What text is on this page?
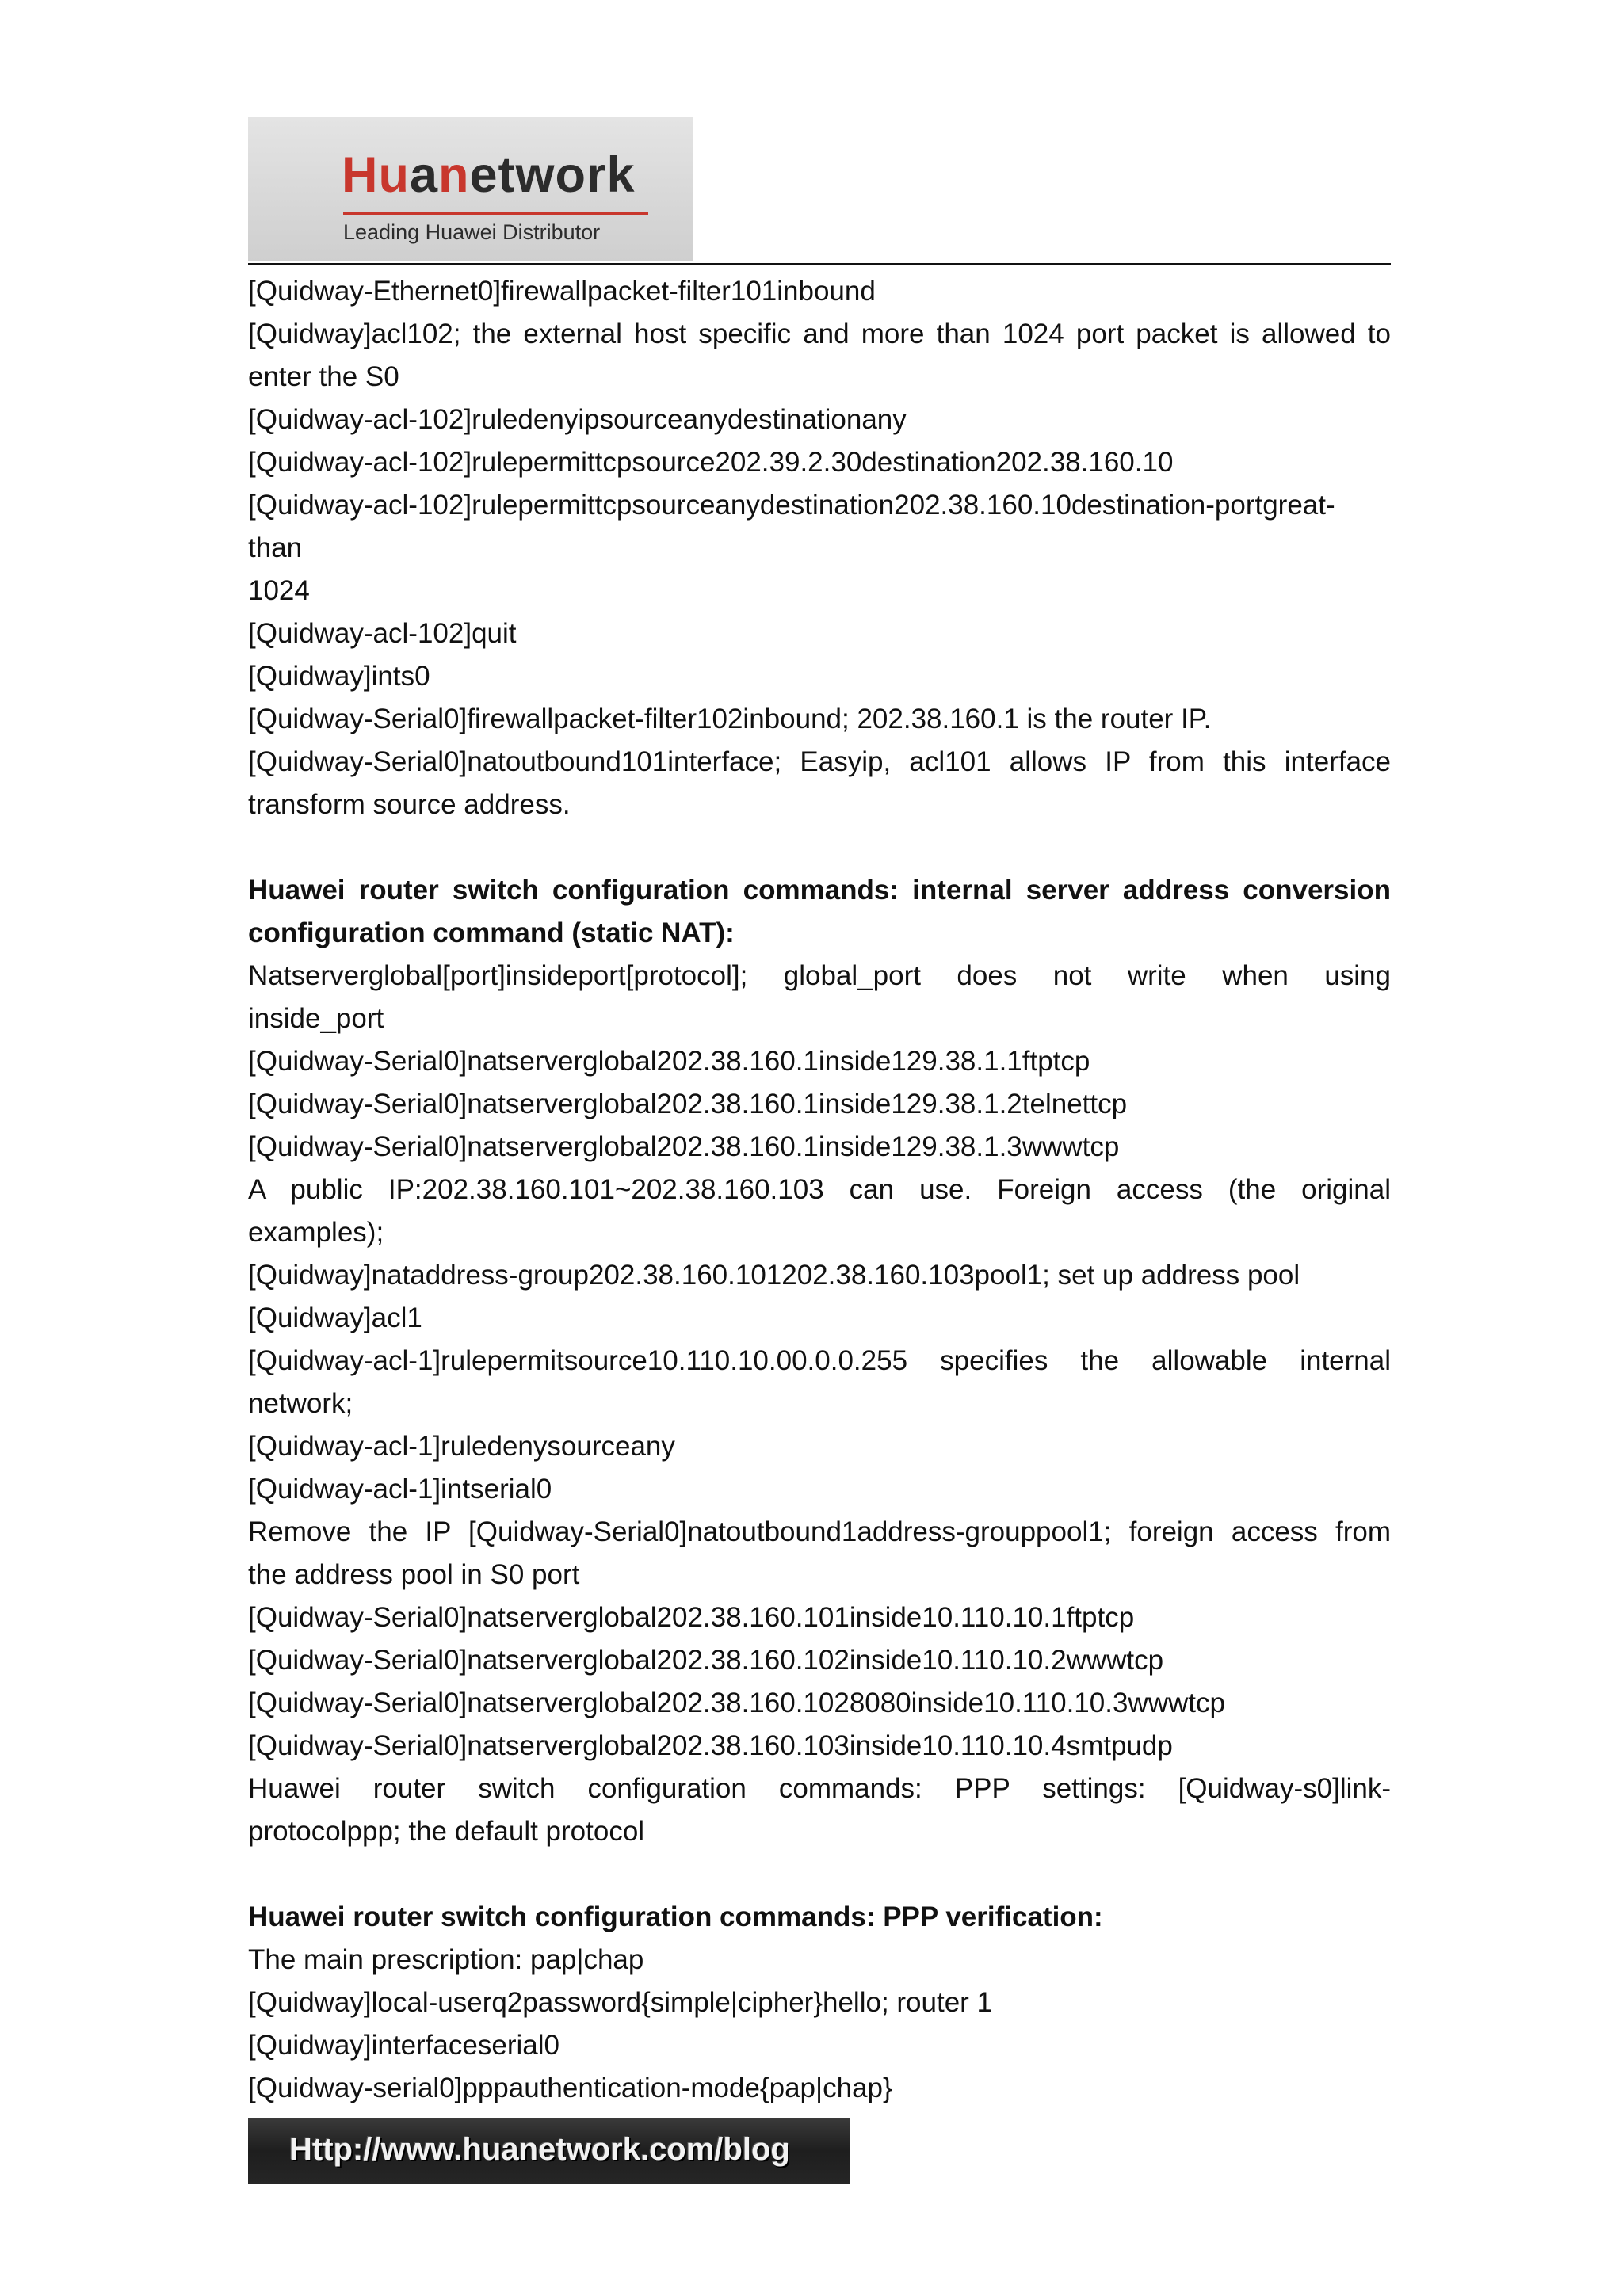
Huanetwork
Leading Huawei Distributor
[Quidway-Ethernet0]firewallpacket-filter101inbound
[Quidway]acl102; the external host specific and more than 1024 port packet is allowed to
enter the S0
[Quidway-acl-102]ruledenyipsourceanydestinationany
[Quidway-acl-102]rulepermittcpsource202.39.2.30destination202.38.160.10
[Quidway-acl-102]rulepermittcpsourceanydestination202.38.160.10destination-portgreat-
than
1024
[Quidway-acl-102]quit
[Quidway]ints0
[Quidway-Serial0]firewallpacket-filter102inbound; 202.38.160.1 is the router IP.
[Quidway-Serial0]natoutbound101interface; Easyip, acl101 allows IP from this interface
transform source address.
Huawei router switch configuration commands: internal server address conversion
configuration command (static NAT):
Natserverglobal[port]insideport[protocol]; global_port does not write when using
inside_port
[Quidway-Serial0]natserverglobal202.38.160.1inside129.38.1.1ftptcp
[Quidway-Serial0]natserverglobal202.38.160.1inside129.38.1.2telnettcp
[Quidway-Serial0]natserverglobal202.38.160.1inside129.38.1.3wwwtcp
A public IP:202.38.160.101~202.38.160.103 can use. Foreign access (the original
examples);
[Quidway]nataddress-group202.38.160.101202.38.160.103pool1; set up address pool
[Quidway]acl1
[Quidway-acl-1]rulepermitsource10.110.10.00.0.0.255 specifies the allowable internal
network;
[Quidway-acl-1]ruledenysourceany
[Quidway-acl-1]intserial0
Remove the IP [Quidway-Serial0]natoutbound1address-grouppool1; foreign access from
the address pool in S0 port
[Quidway-Serial0]natserverglobal202.38.160.101inside10.110.10.1ftptcp
[Quidway-Serial0]natserverglobal202.38.160.102inside10.110.10.2wwwtcp
[Quidway-Serial0]natserverglobal202.38.160.1028080inside10.110.10.3wwwtcp
[Quidway-Serial0]natserverglobal202.38.160.103inside10.110.10.4smtpudp
Huawei router switch configuration commands: PPP settings: [Quidway-s0]link-
protocolppp; the default protocol
Huawei router switch configuration commands: PPP verification:
The main prescription: pap|chap
[Quidway]local-userq2password{simple|cipher}hello; router 1
[Quidway]interfaceserial0
[Quidway-serial0]pppauthentication-mode{pap|chap}
Http://www.huanetwork.com/blog
